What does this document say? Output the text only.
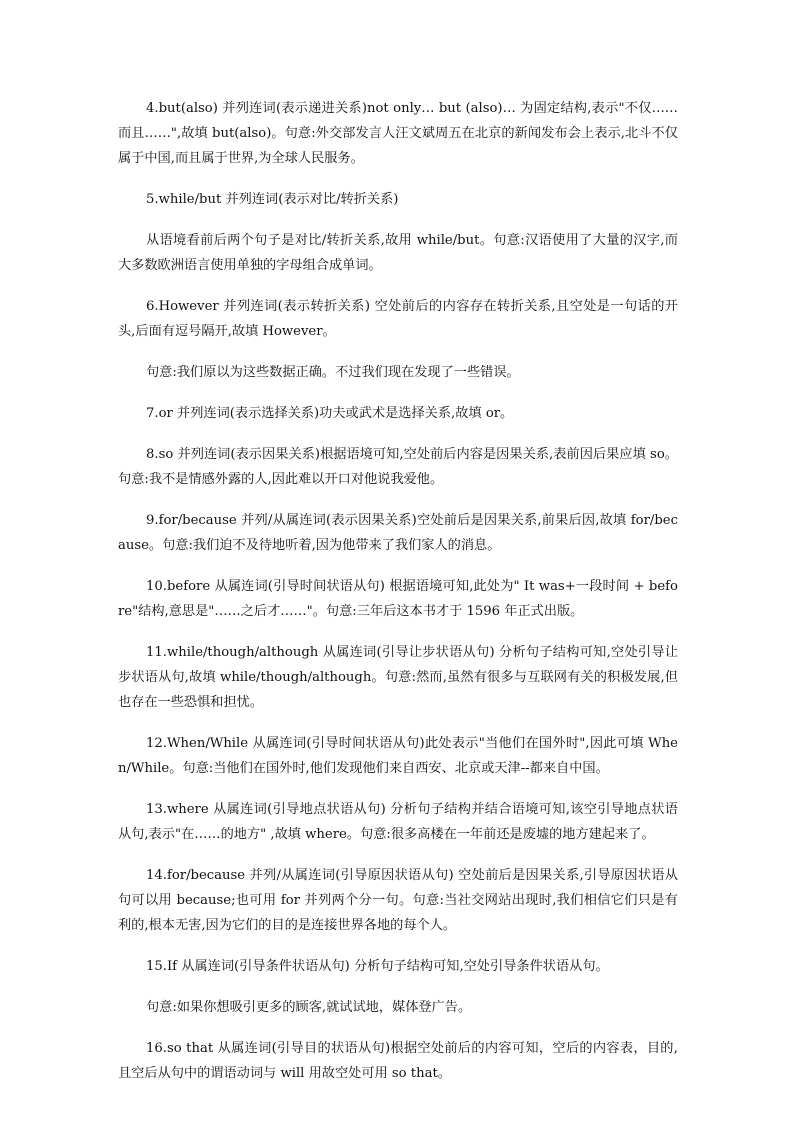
4.but(also) 并列连词(表示递进关系)not only… but (also)… 为固定结构,表示"不仅……而且……",故填 but(also)。句意:外交部发言人汪文斌周五在北京的新闻发布会上表示,北斗不仅属于中国,而且属于世界,为全球人民服务。

5.while/but 并列连词(表示对比/转折关系)

从语境看前后两个句子是对比/转折关系,故用 while/but。句意:汉语使用了大量的汉字,而大多数欧洲语言使用单独的字母组合成单词。

6.However 并列连词(表示转折关系) 空处前后的内容存在转折关系,且空处是一句话的开头,后面有逗号隔开,故填 However。

句意:我们原以为这些数据正确。不过我们现在发现了一些错误。

7.or 并列连词(表示选择关系)功夫或武术是选择关系,故填 or。

8.so 并列连词(表示因果关系)根据语境可知,空处前后内容是因果关系,表前因后果应填 so。句意:我不是情感外露的人,因此难以开口对他说我爱他。

9.for/because 并列/从属连词(表示因果关系)空处前后是因果关系,前果后因,故填 for/because。句意:我们迫不及待地听着,因为他带来了我们家人的消息。

10.before 从属连词(引导时间状语从句) 根据语境可知,此处为" It was+一段时间 + before"结构,意思是"……之后才……"。句意:三年后这本书才于 1596 年正式出版。

11.while/though/although 从属连词(引导让步状语从句) 分析句子结构可知,空处引导让步状语从句,故填 while/though/although。句意:然而,虽然有很多与互联网有关的积极发展,但也存在一些恐惧和担忧。

12.When/While 从属连词(引导时间状语从句)此处表示"当他们在国外时",因此可填 When/While。句意:当他们在国外时,他们发现他们来自西安、北京或天津--都来自中国。

13.where 从属连词(引导地点状语从句) 分析句子结构并结合语境可知,该空引导地点状语从句,表示"在……的地方" ,故填 where。句意:很多高楼在一年前还是废墟的地方建起来了。

14.for/because 并列/从属连词(引导原因状语从句) 空处前后是因果关系,引导原因状语从句可以用 because;也可用 for 并列两个分一句。句意:当社交网站出现时,我们相信它们只是有利的,根本无害,因为它们的目的是连接世界各地的每个人。

15.If 从属连词(引导条件状语从句) 分析句子结构可知,空处引导条件状语从句。

句意:如果你想吸引更多的顾客,就试试地，媒体登广告。

16.so that 从属连词(引导目的状语从句)根据空处前后的内容可知，空后的内容表，目的,且空后从句中的谓语动词与 will 用故空处可用 so that。
